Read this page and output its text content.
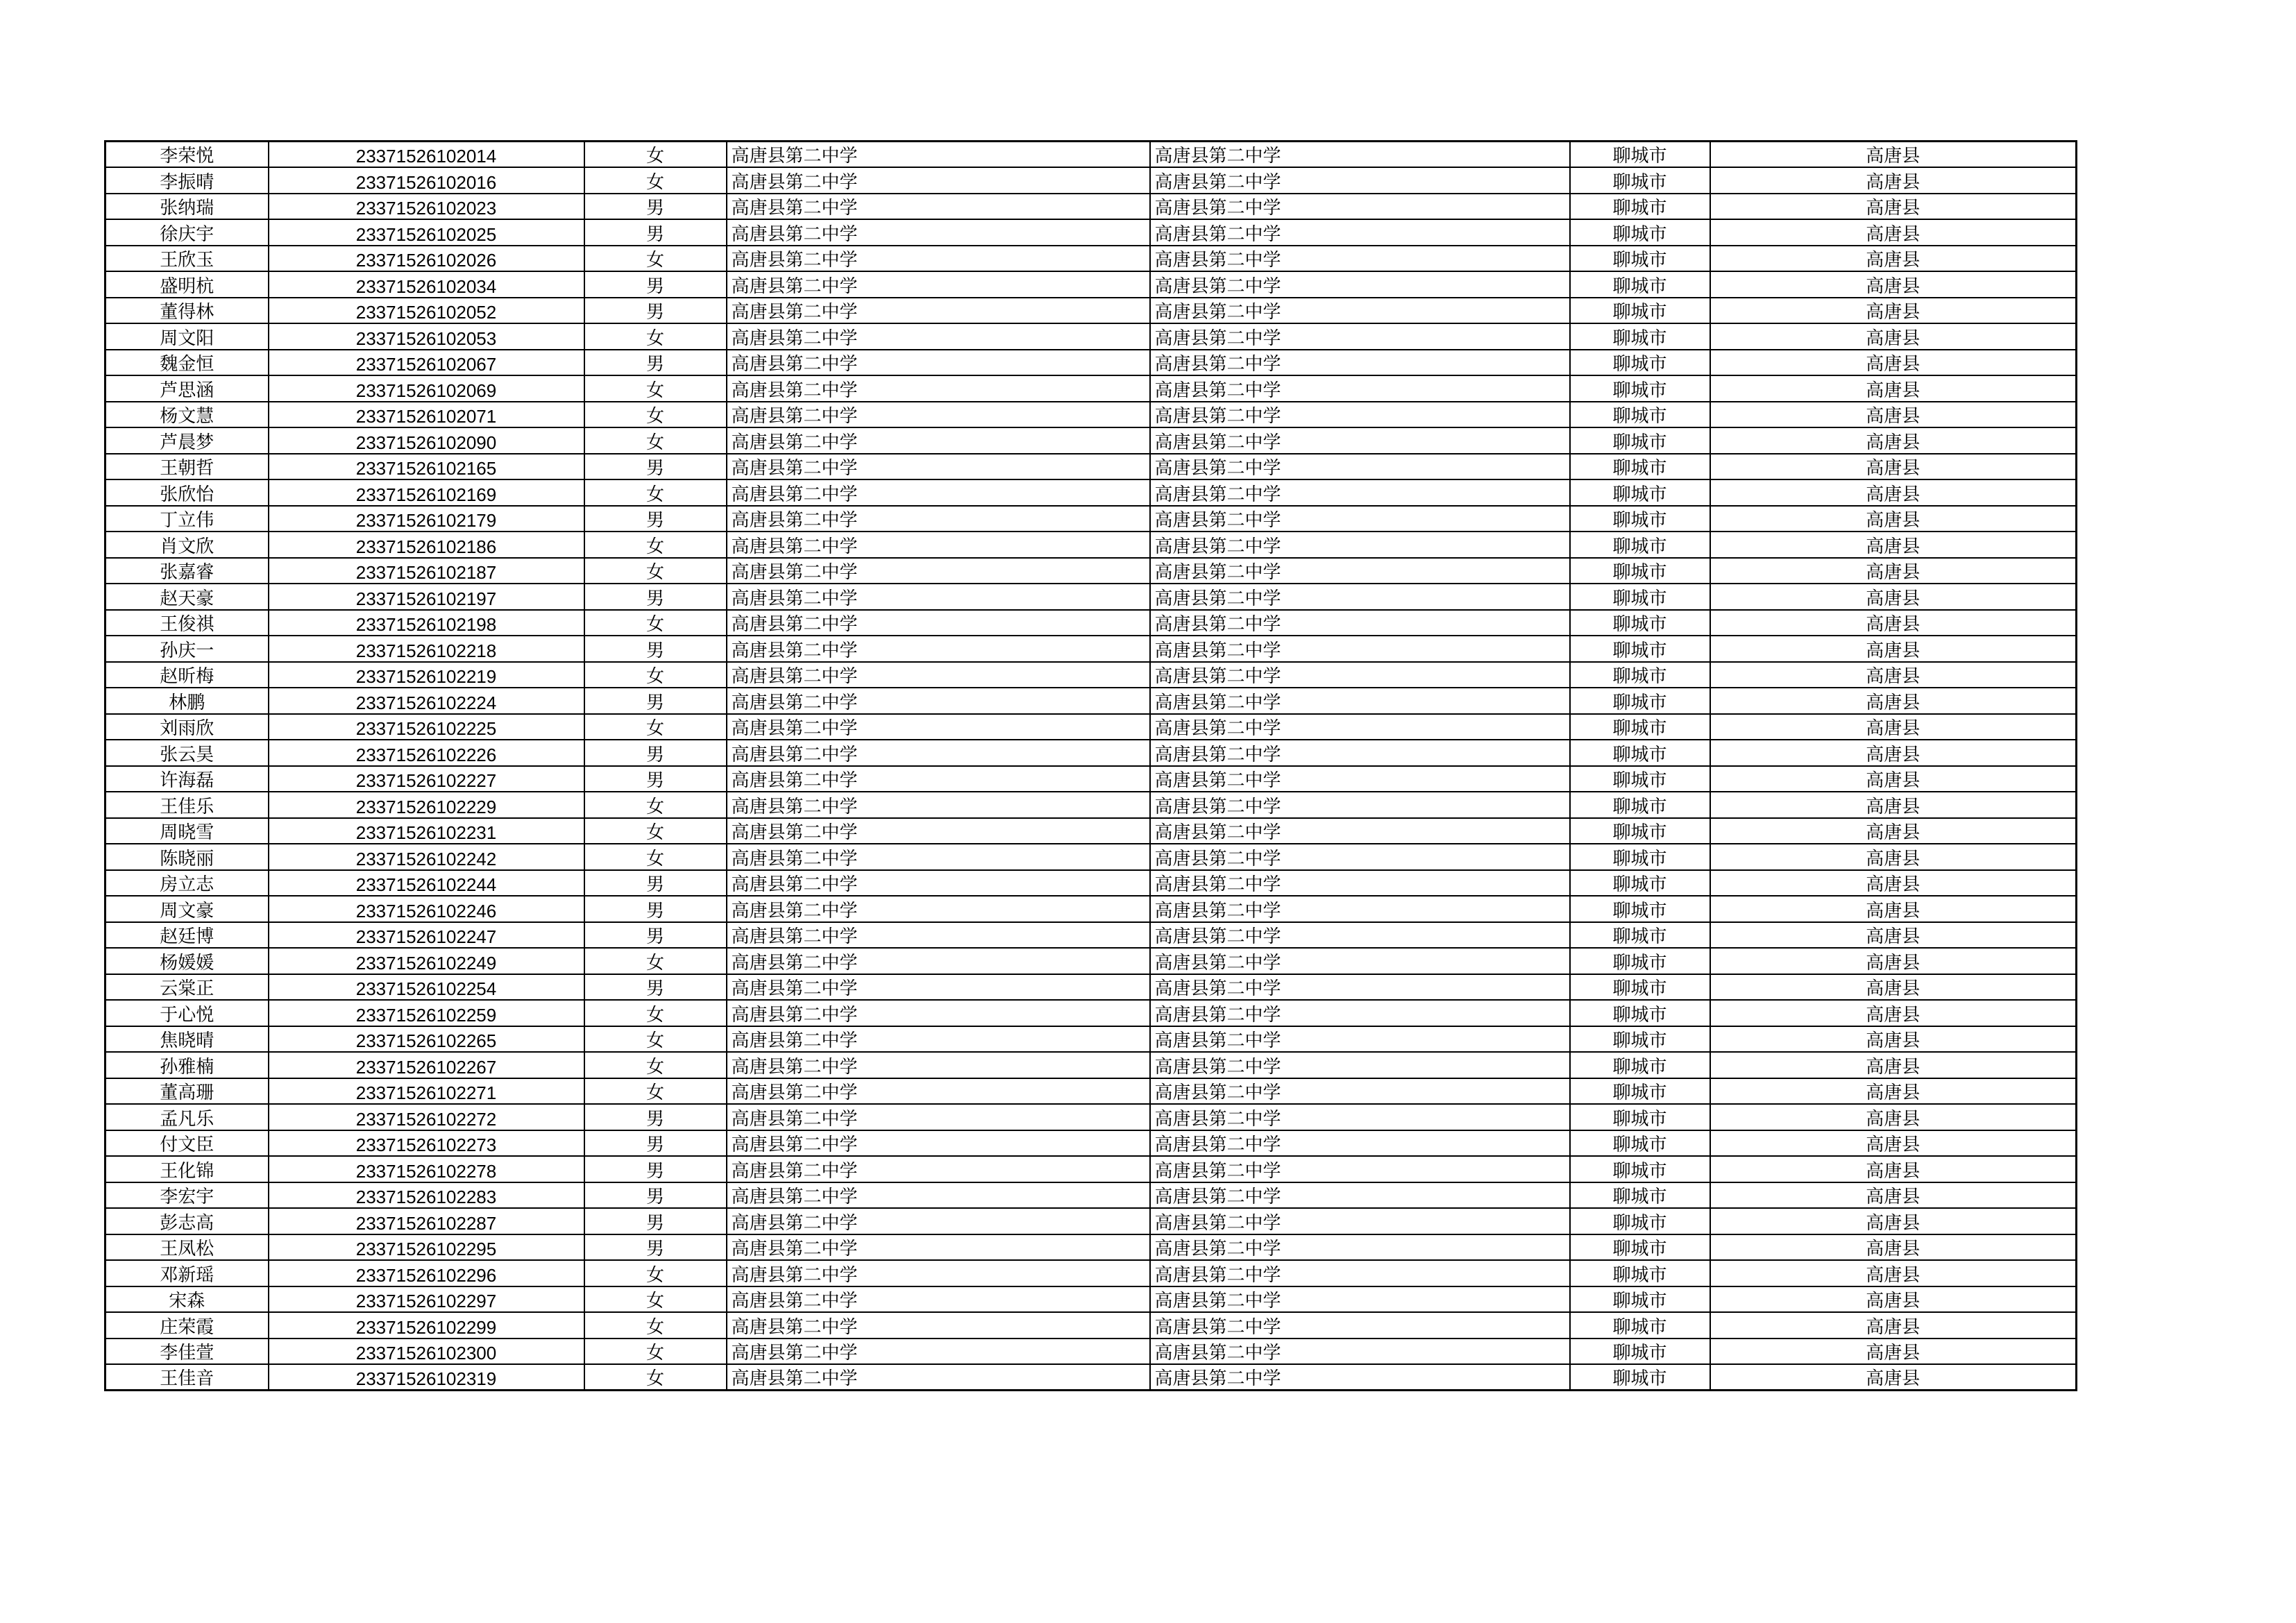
李荣悦	23371526102014	女	高唐县第二中学	高唐县第二中学	聊城市	高唐县
李振晴	23371526102016	女	高唐县第二中学	高唐县第二中学	聊城市	高唐县
张纳瑞	23371526102023	男	高唐县第二中学	高唐县第二中学	聊城市	高唐县
徐庆宇	23371526102025	男	高唐县第二中学	高唐县第二中学	聊城市	高唐县
王欣玉	23371526102026	女	高唐县第二中学	高唐县第二中学	聊城市	高唐县
盛明杭	23371526102034	男	高唐县第二中学	高唐县第二中学	聊城市	高唐县
董得林	23371526102052	男	高唐县第二中学	高唐县第二中学	聊城市	高唐县
周文阳	23371526102053	女	高唐县第二中学	高唐县第二中学	聊城市	高唐县
魏金恒	23371526102067	男	高唐县第二中学	高唐县第二中学	聊城市	高唐县
芦思涵	23371526102069	女	高唐县第二中学	高唐县第二中学	聊城市	高唐县
杨文慧	23371526102071	女	高唐县第二中学	高唐县第二中学	聊城市	高唐县
芦晨梦	23371526102090	女	高唐县第二中学	高唐县第二中学	聊城市	高唐县
王朝哲	23371526102165	男	高唐县第二中学	高唐县第二中学	聊城市	高唐县
张欣怡	23371526102169	女	高唐县第二中学	高唐县第二中学	聊城市	高唐县
丁立伟	23371526102179	男	高唐县第二中学	高唐县第二中学	聊城市	高唐县
肖文欣	23371526102186	女	高唐县第二中学	高唐县第二中学	聊城市	高唐县
张嘉睿	23371526102187	女	高唐县第二中学	高唐县第二中学	聊城市	高唐县
赵天豪	23371526102197	男	高唐县第二中学	高唐县第二中学	聊城市	高唐县
王俊祺	23371526102198	女	高唐县第二中学	高唐县第二中学	聊城市	高唐县
孙庆一	23371526102218	男	高唐县第二中学	高唐县第二中学	聊城市	高唐县
赵昕梅	23371526102219	女	高唐县第二中学	高唐县第二中学	聊城市	高唐县
林鹏	23371526102224	男	高唐县第二中学	高唐县第二中学	聊城市	高唐县
刘雨欣	23371526102225	女	高唐县第二中学	高唐县第二中学	聊城市	高唐县
张云昊	23371526102226	男	高唐县第二中学	高唐县第二中学	聊城市	高唐县
许海磊	23371526102227	男	高唐县第二中学	高唐县第二中学	聊城市	高唐县
王佳乐	23371526102229	女	高唐县第二中学	高唐县第二中学	聊城市	高唐县
周晓雪	23371526102231	女	高唐县第二中学	高唐县第二中学	聊城市	高唐县
陈晓丽	23371526102242	女	高唐县第二中学	高唐县第二中学	聊城市	高唐县
房立志	23371526102244	男	高唐县第二中学	高唐县第二中学	聊城市	高唐县
周文豪	23371526102246	男	高唐县第二中学	高唐县第二中学	聊城市	高唐县
赵廷博	23371526102247	男	高唐县第二中学	高唐县第二中学	聊城市	高唐县
杨媛媛	23371526102249	女	高唐县第二中学	高唐县第二中学	聊城市	高唐县
云棠正	23371526102254	男	高唐县第二中学	高唐县第二中学	聊城市	高唐县
于心悦	23371526102259	女	高唐县第二中学	高唐县第二中学	聊城市	高唐县
焦晓晴	23371526102265	女	高唐县第二中学	高唐县第二中学	聊城市	高唐县
孙雅楠	23371526102267	女	高唐县第二中学	高唐县第二中学	聊城市	高唐县
董高珊	23371526102271	女	高唐县第二中学	高唐县第二中学	聊城市	高唐县
孟凡乐	23371526102272	男	高唐县第二中学	高唐县第二中学	聊城市	高唐县
付文臣	23371526102273	男	高唐县第二中学	高唐县第二中学	聊城市	高唐县
王化锦	23371526102278	男	高唐县第二中学	高唐县第二中学	聊城市	高唐县
李宏宇	23371526102283	男	高唐县第二中学	高唐县第二中学	聊城市	高唐县
彭志高	23371526102287	男	高唐县第二中学	高唐县第二中学	聊城市	高唐县
王凤松	23371526102295	男	高唐县第二中学	高唐县第二中学	聊城市	高唐县
邓新瑶	23371526102296	女	高唐县第二中学	高唐县第二中学	聊城市	高唐县
宋森	23371526102297	女	高唐县第二中学	高唐县第二中学	聊城市	高唐县
庄荣霞	23371526102299	女	高唐县第二中学	高唐县第二中学	聊城市	高唐县
李佳萱	23371526102300	女	高唐县第二中学	高唐县第二中学	聊城市	高唐县
王佳音	23371526102319	女	高唐县第二中学	高唐县第二中学	聊城市	高唐县
